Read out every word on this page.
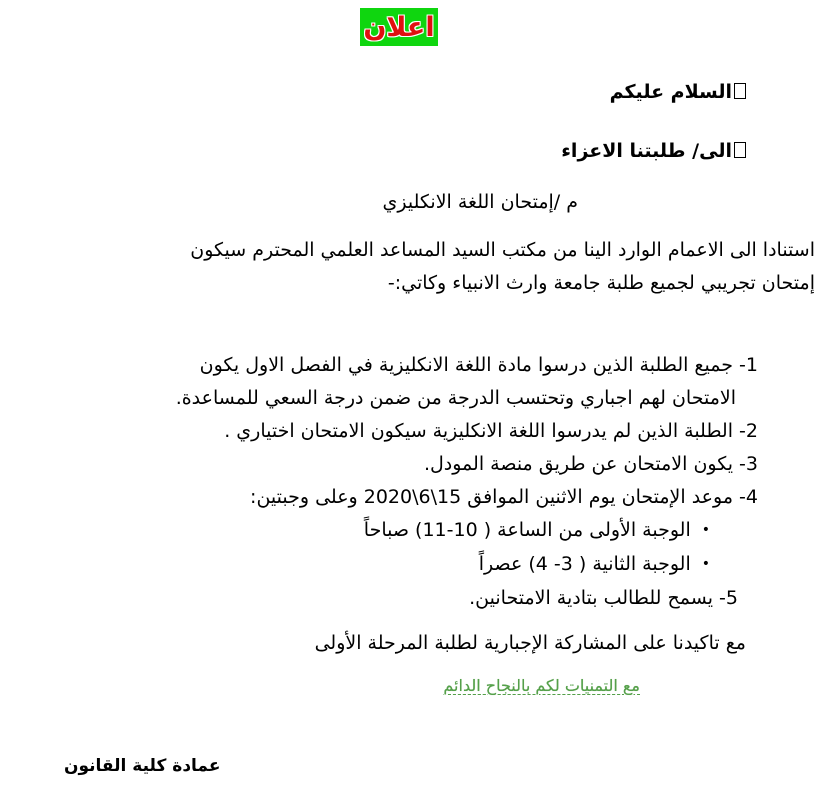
اعلان
السلام عليكم
الى/ طلبتنا الاعزاء
م /إمتحان اللغة الانكليزي
استنادا الى الاعمام الوارد الينا من مكتب السيد المساعد العلمي المحترم سيكون
إمتحان تجريبي لجميع طلبة جامعة وارث الانبياء وكاتي:-
1- جميع الطلبة الذين درسوا مادة اللغة الانكليزية في الفصل الاول يكون
الامتحان لهم اجباري وتحتسب الدرجة من ضمن درجة السعي للمساعدة.
2- الطلبة الذين لم يدرسوا اللغة الانكليزية سيكون الامتحان اختياري .
3- يكون الامتحان عن طريق منصة المودل.
4- موعد الإمتحان يوم الاثنين الموافق 15\6\2020 وعلى وجبتين:
•
الوجبة الأولى من الساعة ( 10-11) صباحاً
•
الوجبة الثانية ( 3- 4) عصراً
5- يسمح للطالب بتادية الامتحانين.
مع تاكيدنا على المشاركة الإجبارية لطلبة المرحلة الأولى
مع التمنيات لكم بالنجاح الدائم
عمادة كلية القانون
